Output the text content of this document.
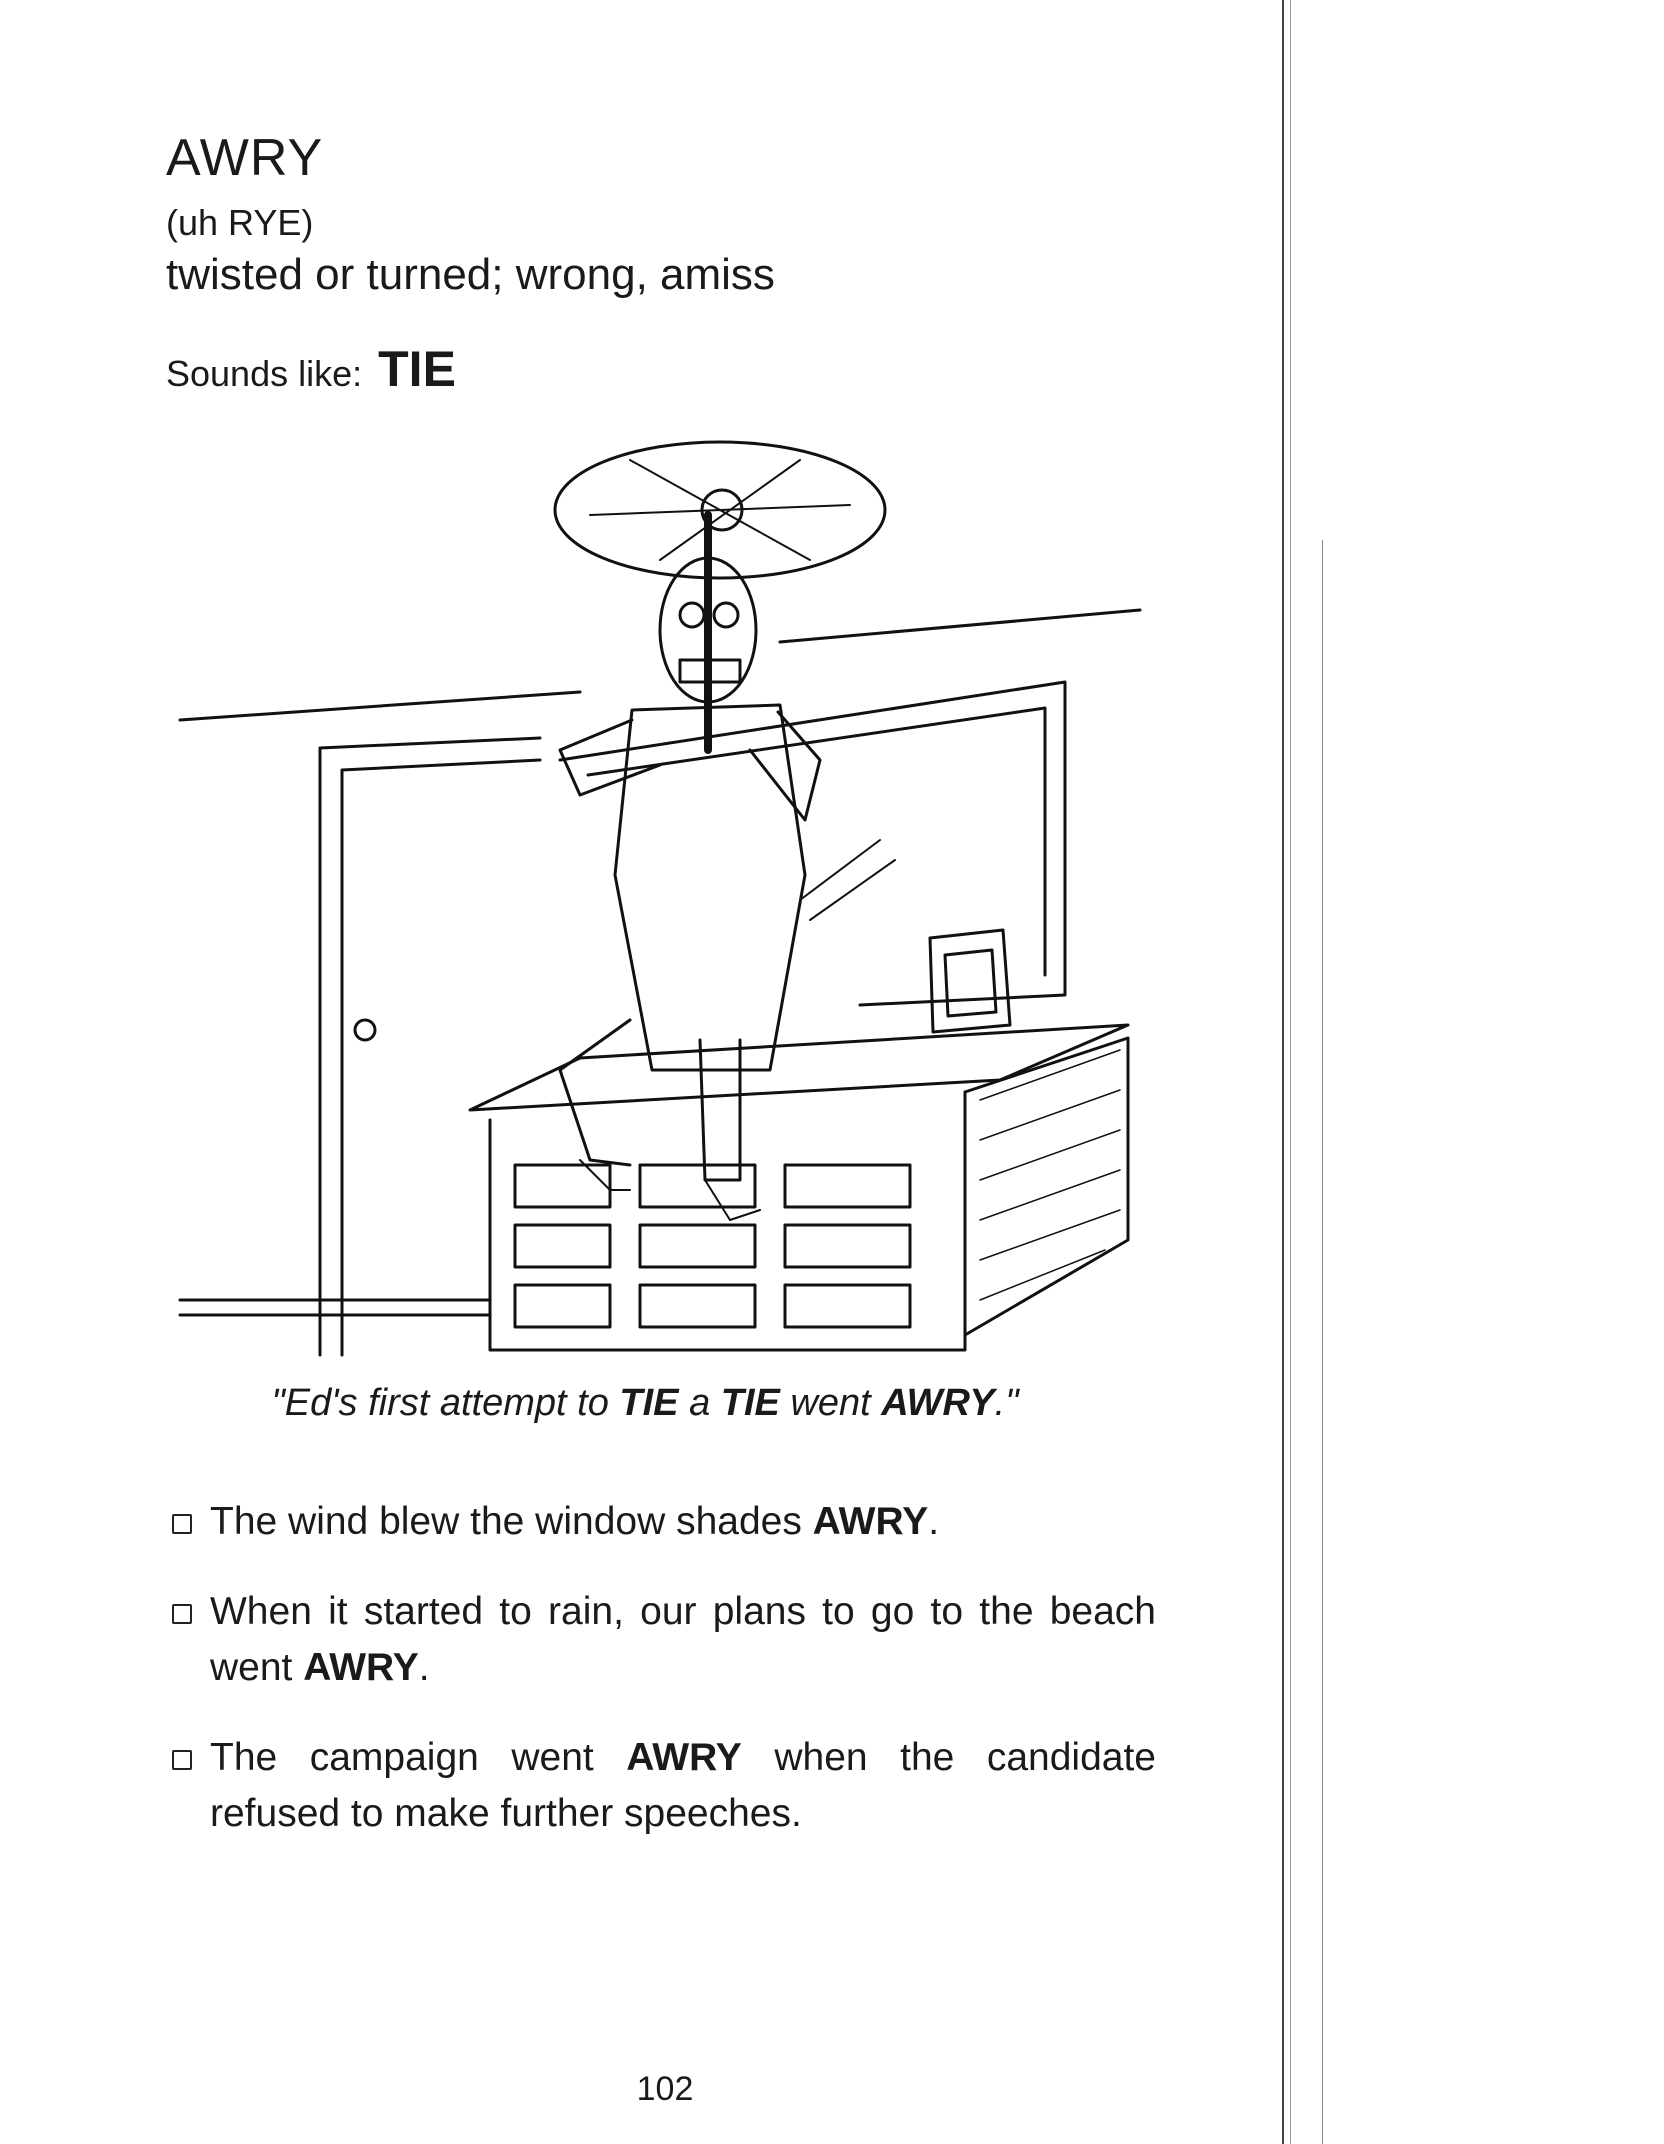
AWRY
(uh RYE)
twisted or turned; wrong, amiss
Sounds like: TIE
"Ed's first attempt to TIE a TIE went AWRY."
The wind blew the window shades AWRY.
When it started to rain, our plans to go to the beach went AWRY.
The campaign went AWRY when the candidate refused to make further speeches.
102
